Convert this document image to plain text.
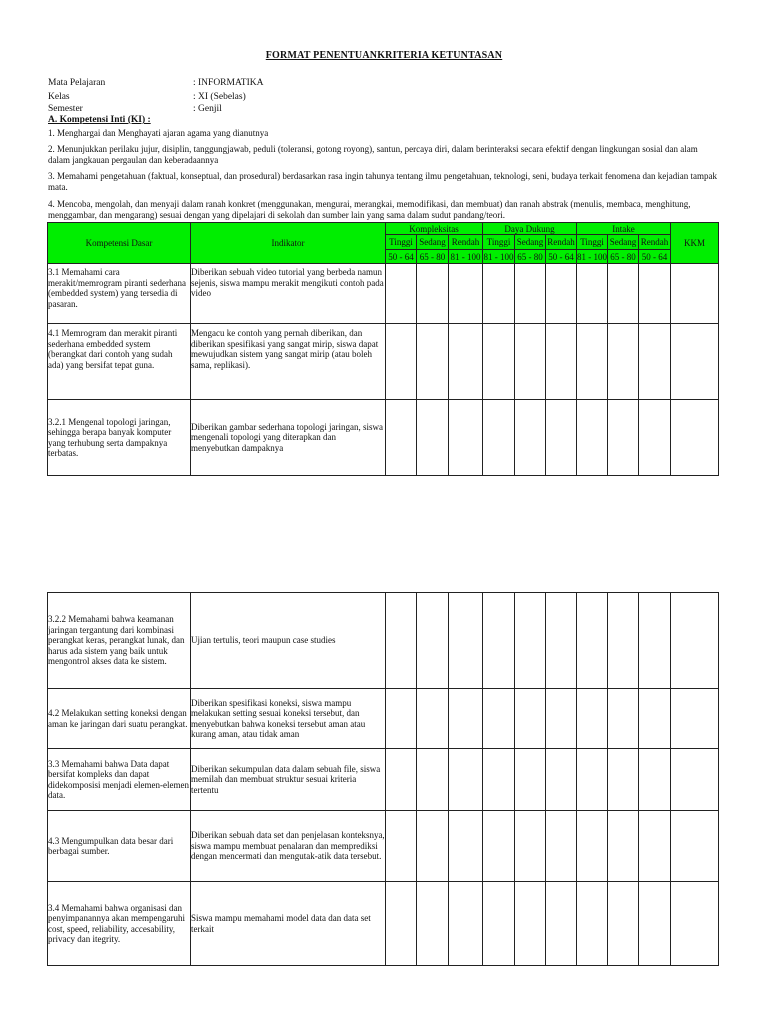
FORMAT PENENTUANKRITERIA KETUNTASAN
Mata Pelajaran	: INFORMATIKA
Kelas	: XI (Sebelas)
Semester	: Genjil
A. Kompetensi Inti (KI) :
1. Menghargai dan Menghayati ajaran agama yang dianutnya
2. Menunjukkan perilaku jujur, disiplin, tanggungjawab, peduli (toleransi, gotong royong), santun, percaya diri, dalam berinteraksi secara efektif dengan lingkungan sosial dan alam dalam jangkauan pergaulan dan keberadaannya
3. Memahami pengetahuan (faktual, konseptual, dan prosedural) berdasarkan rasa ingin tahunya tentang ilmu pengetahuan, teknologi, seni, budaya terkait fenomena dan kejadian tampak mata.
4. Mencoba, mengolah, dan menyaji dalam ranah konkret (menggunakan, mengurai, merangkai, memodifikasi, dan membuat) dan ranah abstrak (menulis, membaca, menghitung, menggambar, dan mengarang) sesuai dengan yang dipelajari di sekolah dan sumber lain yang sama dalam sudut pandang/teori.
Kompetensi Dasar	Indikator	Kompleksitas			Daya Dukung			Intake			KKM
		Tinggi	Sedang	Rendah	Tinggi	Sedang	Rendah	Tinggi	Sedang	Rendah	
		50 - 64	65 - 80	81 - 100	81 - 100	65 - 80	50 - 64	81 - 100	65 - 80	50 - 64	
3.1 Memahami cara merakit/memrogram piranti sederhana (embedded system) yang tersedia di pasaran.	Diberikan sebuah video tutorial yang berbeda namun sejenis, siswa mampu merakit mengikuti contoh pada video										
4.1 Memrogram dan merakit piranti sederhana embedded system (berangkat dari contoh yang sudah ada) yang bersifat tepat guna.	Mengacu ke contoh yang pernah diberikan, dan diberikan spesifikasi yang sangat mirip, siswa dapat mewujudkan sistem yang sangat mirip (atau boleh sama, replikasi).										
3.2.1 Mengenal topologi jaringan, sehingga berapa banyak komputer yang terhubung serta dampaknya terbatas.	Diberikan gambar sederhana topologi jaringan, siswa mengenali topologi yang diterapkan dan menyebutkan dampaknya										
3.2.2 Memahami bahwa keamanan jaringan tergantung dari kombinasi perangkat keras, perangkat lunak, dan harus ada sistem yang baik untuk mengontrol akses data ke sistem.	Ujian tertulis, teori maupun case studies										
4.2 Melakukan setting koneksi dengan aman ke jaringan dari suatu perangkat.	Diberikan spesifikasi koneksi, siswa mampu melakukan setting sesuai koneksi tersebut, dan menyebutkan bahwa koneksi tersebut aman atau kurang aman, atau tidak aman										
3.3 Memahami bahwa Data dapat bersifat kompleks dan dapat didekomposisi menjadi elemen-elemen data.	Diberikan sekumpulan data dalam sebuah file, siswa memilah dan membuat struktur sesuai kriteria tertentu										
4.3 Mengumpulkan data besar dari berbagai sumber.	Diberikan sebuah data set dan penjelasan konteksnya, siswa mampu membuat penalaran dan memprediksi dengan mencermati dan mengutak-atik data tersebut.										
3.4 Memahami bahwa organisasi dan penyimpanannya akan mempengaruhi cost, speed, reliability, accesability, privacy dan itegrity.	Siswa mampu memahami model data dan data set terkait										
